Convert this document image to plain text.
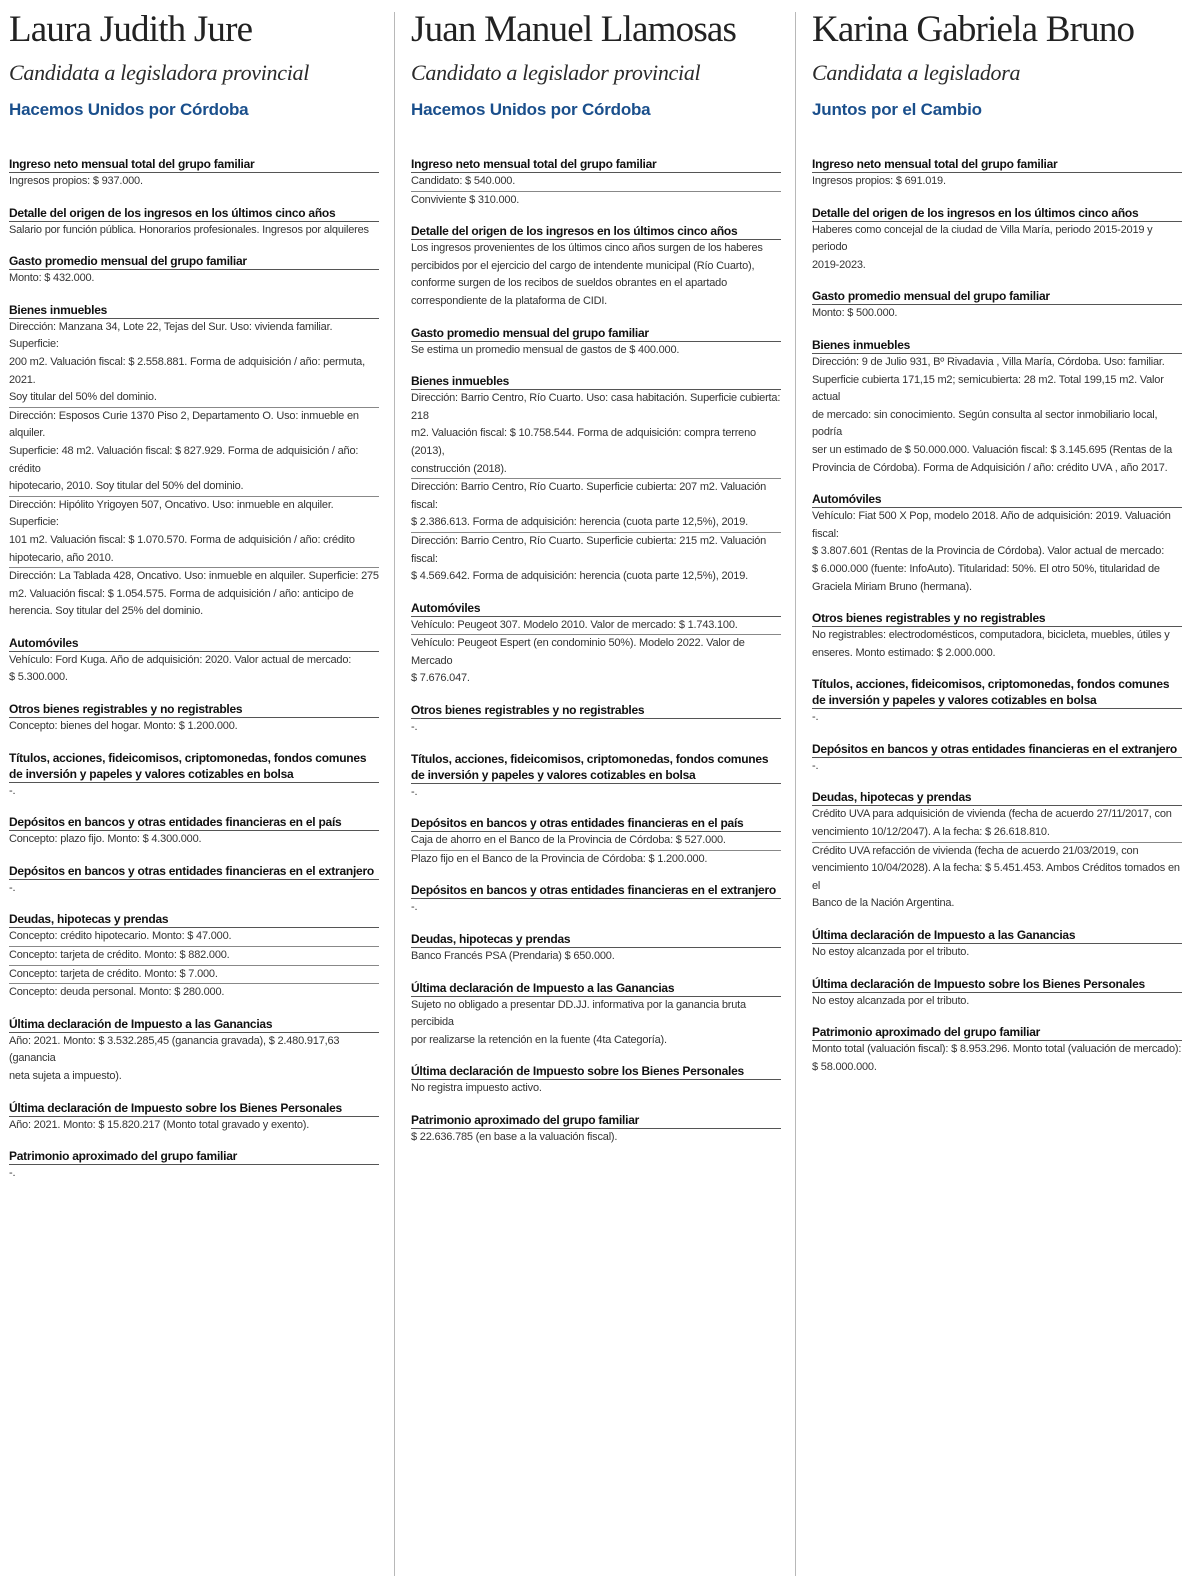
Laura Judith Jure
Candidata a legisladora provincial
Hacemos Unidos por Córdoba
Ingreso neto mensual total del grupo familiar
Ingresos propios: $ 937.000.
Detalle del origen de los ingresos en los últimos cinco años
Salario por función pública. Honorarios profesionales. Ingresos por alquileres
Gasto promedio mensual del grupo familiar
Monto: $ 432.000.
Bienes inmuebles
Dirección: Manzana 34, Lote 22, Tejas del Sur. Uso: vivienda familiar. Superficie:
200 m2. Valuación fiscal: $ 2.558.881. Forma de adquisición / año: permuta, 2021.
Soy titular del 50% del dominio.
Dirección: Esposos Curie 1370 Piso 2, Departamento O. Uso: inmueble en alquiler.
Superficie: 48 m2. Valuación fiscal: $ 827.929. Forma de adquisición / año: crédito
hipotecario, 2010. Soy titular del 50% del dominio.
Dirección: Hipólito Yrigoyen 507, Oncativo. Uso: inmueble en alquiler. Superficie:
101 m2. Valuación fiscal: $ 1.070.570. Forma de adquisición / año: crédito
hipotecario, año 2010.
Dirección: La Tablada 428, Oncativo. Uso: inmueble en alquiler. Superficie: 275
m2. Valuación fiscal: $ 1.054.575. Forma de adquisición / año: anticipo de
herencia. Soy titular del 25% del dominio.
Automóviles
Vehículo: Ford Kuga. Año de adquisición: 2020. Valor actual de mercado:
$ 5.300.000.
Otros bienes registrables y no registrables
Concepto: bienes del hogar. Monto: $ 1.200.000.
Títulos, acciones, fideicomisos, criptomonedas, fondos comunes de inversión y papeles y valores cotizables en bolsa
-.
Depósitos en bancos y otras entidades financieras en el país
Concepto: plazo fijo. Monto: $ 4.300.000.
Depósitos en bancos y otras entidades financieras en el extranjero
-.
Deudas, hipotecas y prendas
Concepto: crédito hipotecario. Monto: $ 47.000.
Concepto: tarjeta de crédito. Monto: $ 882.000.
Concepto: tarjeta de crédito. Monto: $ 7.000.
Concepto: deuda personal. Monto: $ 280.000.
Última declaración de Impuesto a las Ganancias
Año: 2021. Monto: $ 3.532.285,45 (ganancia gravada), $ 2.480.917,63 (ganancia
neta sujeta a impuesto).
Última declaración de Impuesto sobre los Bienes Personales
Año: 2021. Monto: $ 15.820.217 (Monto total gravado y exento).
Patrimonio aproximado del grupo familiar
-.
Juan Manuel Llamosas
Candidato a legislador provincial
Hacemos Unidos por Córdoba
Ingreso neto mensual total del grupo familiar
Candidato: $ 540.000.
Conviviente $ 310.000.
Detalle del origen de los ingresos en los últimos cinco años
Los ingresos provenientes de los últimos cinco años surgen de los haberes
percibidos por el ejercicio del cargo de intendente municipal (Río Cuarto),
conforme surgen de los recibos de sueldos obrantes en el apartado
correspondiente de la plataforma de CIDI.
Gasto promedio mensual del grupo familiar
Se estima un promedio mensual de gastos de $ 400.000.
Bienes inmuebles
Dirección: Barrio Centro, Río Cuarto. Uso: casa habitación. Superficie cubierta: 218
m2. Valuación fiscal: $ 10.758.544. Forma de adquisición: compra terreno (2013),
construcción (2018).
Dirección: Barrio Centro, Río Cuarto. Superficie cubierta: 207 m2. Valuación fiscal:
$ 2.386.613. Forma de adquisición: herencia (cuota parte 12,5%), 2019.
Dirección: Barrio Centro, Río Cuarto. Superficie cubierta: 215 m2. Valuación fiscal:
$ 4.569.642. Forma de adquisición: herencia (cuota parte 12,5%), 2019.
Automóviles
Vehículo: Peugeot 307. Modelo 2010. Valor de mercado: $ 1.743.100.
Vehículo: Peugeot Espert (en condominio 50%). Modelo 2022. Valor de Mercado
$ 7.676.047.
Otros bienes registrables y no registrables
-.
Títulos, acciones, fideicomisos, criptomonedas, fondos comunes de inversión y papeles y valores cotizables en bolsa
-.
Depósitos en bancos y otras entidades financieras en el país
Caja de ahorro en el Banco de la Provincia de Córdoba: $ 527.000.
Plazo fijo en el Banco de la Provincia de Córdoba: $ 1.200.000.
Depósitos en bancos y otras entidades financieras en el extranjero
-.
Deudas, hipotecas y prendas
Banco Francés PSA (Prendaria) $ 650.000.
Última declaración de Impuesto a las Ganancias
Sujeto no obligado a presentar DD.JJ. informativa por la ganancia bruta percibida
por realizarse la retención en la fuente (4ta Categoría).
Última declaración de Impuesto sobre los Bienes Personales
No registra impuesto activo.
Patrimonio aproximado del grupo familiar
$ 22.636.785 (en base a la valuación fiscal).
Karina Gabriela Bruno
Candidata a legisladora
Juntos por el Cambio
Ingreso neto mensual total del grupo familiar
Ingresos propios: $ 691.019.
Detalle del origen de los ingresos en los últimos cinco años
Haberes como concejal de la ciudad de Villa María, periodo 2015-2019 y periodo
2019-2023.
Gasto promedio mensual del grupo familiar
Monto: $ 500.000.
Bienes inmuebles
Dirección: 9 de Julio 931, Bº Rivadavia , Villa María, Córdoba. Uso: familiar.
Superficie cubierta 171,15 m2; semicubierta: 28 m2. Total 199,15 m2. Valor actual
de mercado: sin conocimiento. Según consulta al sector inmobiliario local, podría
ser un estimado de $ 50.000.000. Valuación fiscal: $ 3.145.695 (Rentas de la
Provincia de Córdoba). Forma de Adquisición / año: crédito UVA , año 2017.
Automóviles
Vehículo: Fiat 500 X Pop, modelo 2018. Año de adquisición: 2019. Valuación fiscal:
$ 3.807.601 (Rentas de la Provincia de Córdoba). Valor actual de mercado:
$ 6.000.000 (fuente: InfoAuto). Titularidad: 50%. El otro 50%, titularidad de
Graciela Miriam Bruno (hermana).
Otros bienes registrables y no registrables
No registrables: electrodomésticos, computadora, bicicleta, muebles, útiles y
enseres. Monto estimado: $ 2.000.000.
Títulos, acciones, fideicomisos, criptomonedas, fondos comunes de inversión y papeles y valores cotizables en bolsa
-.
Depósitos en bancos y otras entidades financieras en el extranjero
-.
Deudas, hipotecas y prendas
Crédito UVA para adquisición de vivienda (fecha de acuerdo 27/11/2017, con
vencimiento 10/12/2047). A la fecha: $ 26.618.810.
Crédito UVA refacción de vivienda (fecha de acuerdo 21/03/2019, con
vencimiento 10/04/2028). A la fecha: $ 5.451.453. Ambos Créditos tomados en el
Banco de la Nación Argentina.
Última declaración de Impuesto a las Ganancias
No estoy alcanzada por el tributo.
Última declaración de Impuesto sobre los Bienes Personales
No estoy alcanzada por el tributo.
Patrimonio aproximado del grupo familiar
Monto total (valuación fiscal): $ 8.953.296. Monto total (valuación de mercado):
$ 58.000.000.
